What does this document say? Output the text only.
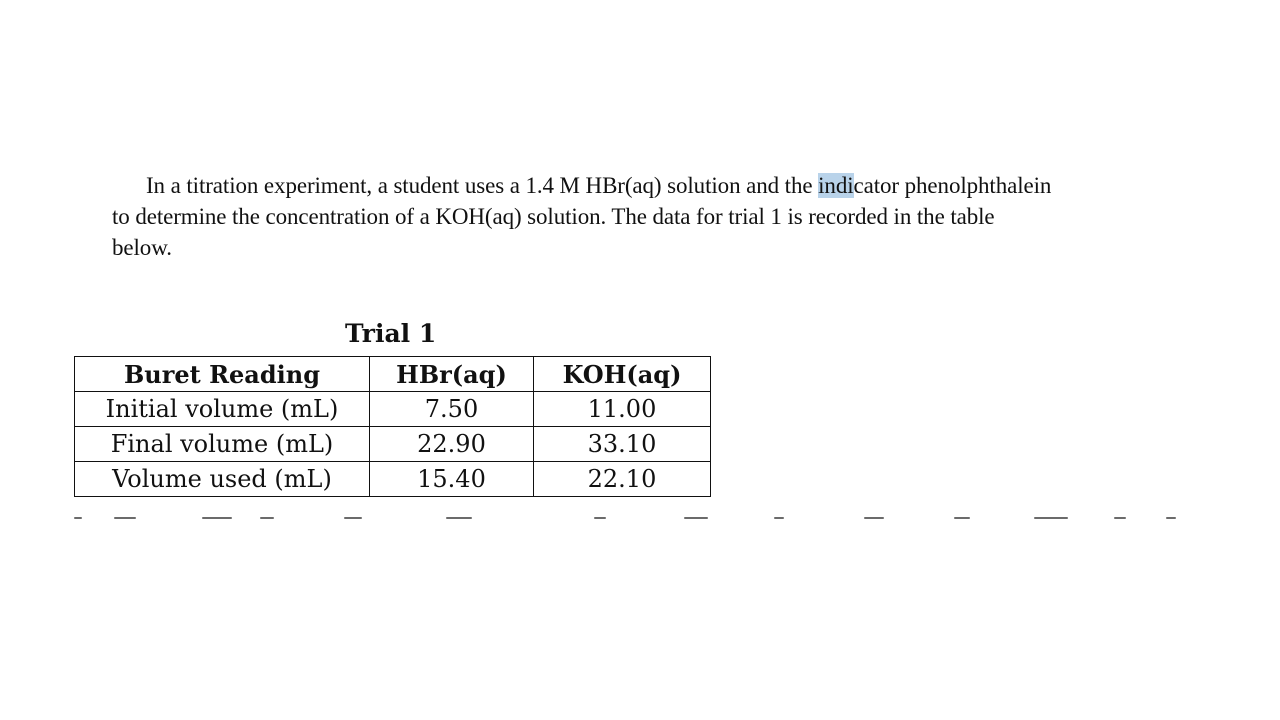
In a titration experiment, a student uses a 1.4 M HBr(aq) solution and the indicator phenolphthalein
to determine the concentration of a KOH(aq) solution. The data for trial 1 is recorded in the table
below.
Trial 1
Buret Reading	HBr(aq)	KOH(aq)
Initial volume (mL)	7.50	11.00
Final volume (mL)	22.90	33.10
Volume used (mL)	15.40	22.10
